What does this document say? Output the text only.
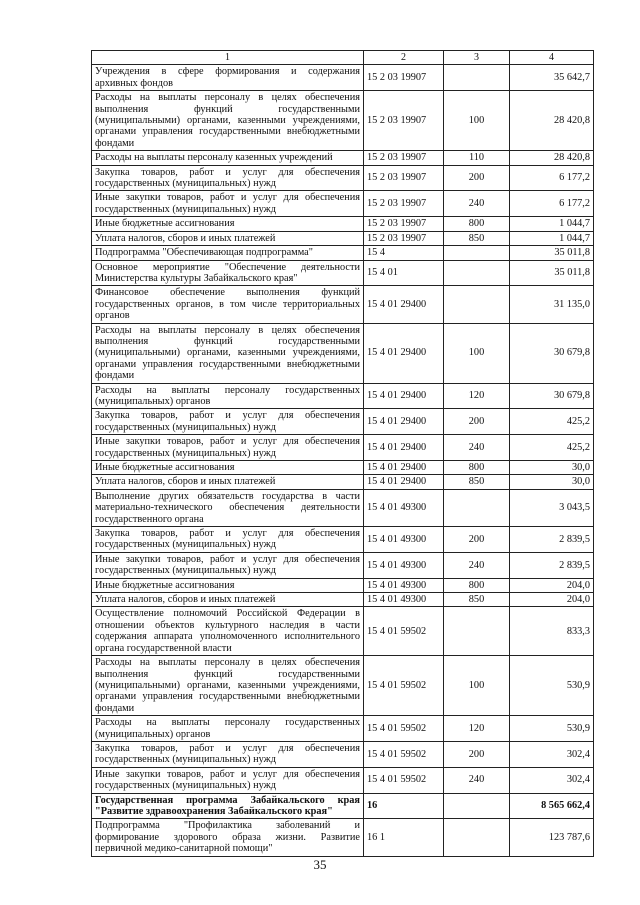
1	2	3	4
Учреждения в сфере формирования и содержания архивных фондов	15 2 03 19907		35 642,7
Расходы на выплаты персоналу в целях обеспечения выполнения функций государственными (муниципальными) органами, казенными учреждениями, органами управления государственными внебюджетными фондами	15 2 03 19907	100	28 420,8
Расходы на выплаты персоналу казенных учреждений	15 2 03 19907	110	28 420,8
Закупка товаров, работ и услуг для обеспечения государственных (муниципальных) нужд	15 2 03 19907	200	6 177,2
Иные закупки товаров, работ и услуг для обеспечения государственных (муниципальных) нужд	15 2 03 19907	240	6 177,2
Иные бюджетные ассигнования	15 2 03 19907	800	1 044,7
Уплата налогов, сборов и иных платежей	15 2 03 19907	850	1 044,7
Подпрограмма "Обеспечивающая подпрограмма"	15 4		35 011,8
Основное мероприятие "Обеспечение деятельности Министерства культуры Забайкальского края"	15 4 01		35 011,8
Финансовое обеспечение выполнения функций государственных органов, в том числе территориальных органов	15 4 01 29400		31 135,0
Расходы на выплаты персоналу в целях обеспечения выполнения функций государственными (муниципальными) органами, казенными учреждениями, органами управления государственными внебюджетными фондами	15 4 01 29400	100	30 679,8
Расходы на выплаты персоналу государственных (муниципальных) органов	15 4 01 29400	120	30 679,8
Закупка товаров, работ и услуг для обеспечения государственных (муниципальных) нужд	15 4 01 29400	200	425,2
Иные закупки товаров, работ и услуг для обеспечения государственных (муниципальных) нужд	15 4 01 29400	240	425,2
Иные бюджетные ассигнования	15 4 01 29400	800	30,0
Уплата налогов, сборов и иных платежей	15 4 01 29400	850	30,0
Выполнение других обязательств государства в части материально-технического обеспечения деятельности государственного органа	15 4 01 49300		3 043,5
Закупка товаров, работ и услуг для обеспечения государственных (муниципальных) нужд	15 4 01 49300	200	2 839,5
Иные закупки товаров, работ и услуг для обеспечения государственных (муниципальных) нужд	15 4 01 49300	240	2 839,5
Иные бюджетные ассигнования	15 4 01 49300	800	204,0
Уплата налогов, сборов и иных платежей	15 4 01 49300	850	204,0
Осуществление полномочий Российской Федерации в отношении объектов культурного наследия в части содержания аппарата уполномоченного исполнительного органа государственной власти	15 4 01 59502		833,3
Расходы на выплаты персоналу в целях обеспечения выполнения функций государственными (муниципальными) органами, казенными учреждениями, органами управления государственными внебюджетными фондами	15 4 01 59502	100	530,9
Расходы на выплаты персоналу государственных (муниципальных) органов	15 4 01 59502	120	530,9
Закупка товаров, работ и услуг для обеспечения государственных (муниципальных) нужд	15 4 01 59502	200	302,4
Иные закупки товаров, работ и услуг для обеспечения государственных (муниципальных) нужд	15 4 01 59502	240	302,4
Государственная программа Забайкальского края "Развитие здравоохранения Забайкальского края"	16		8 565 662,4
Подпрограмма "Профилактика заболеваний и формирование здорового образа жизни. Развитие первичной медико-санитарной помощи"	16 1		123 787,6
35
